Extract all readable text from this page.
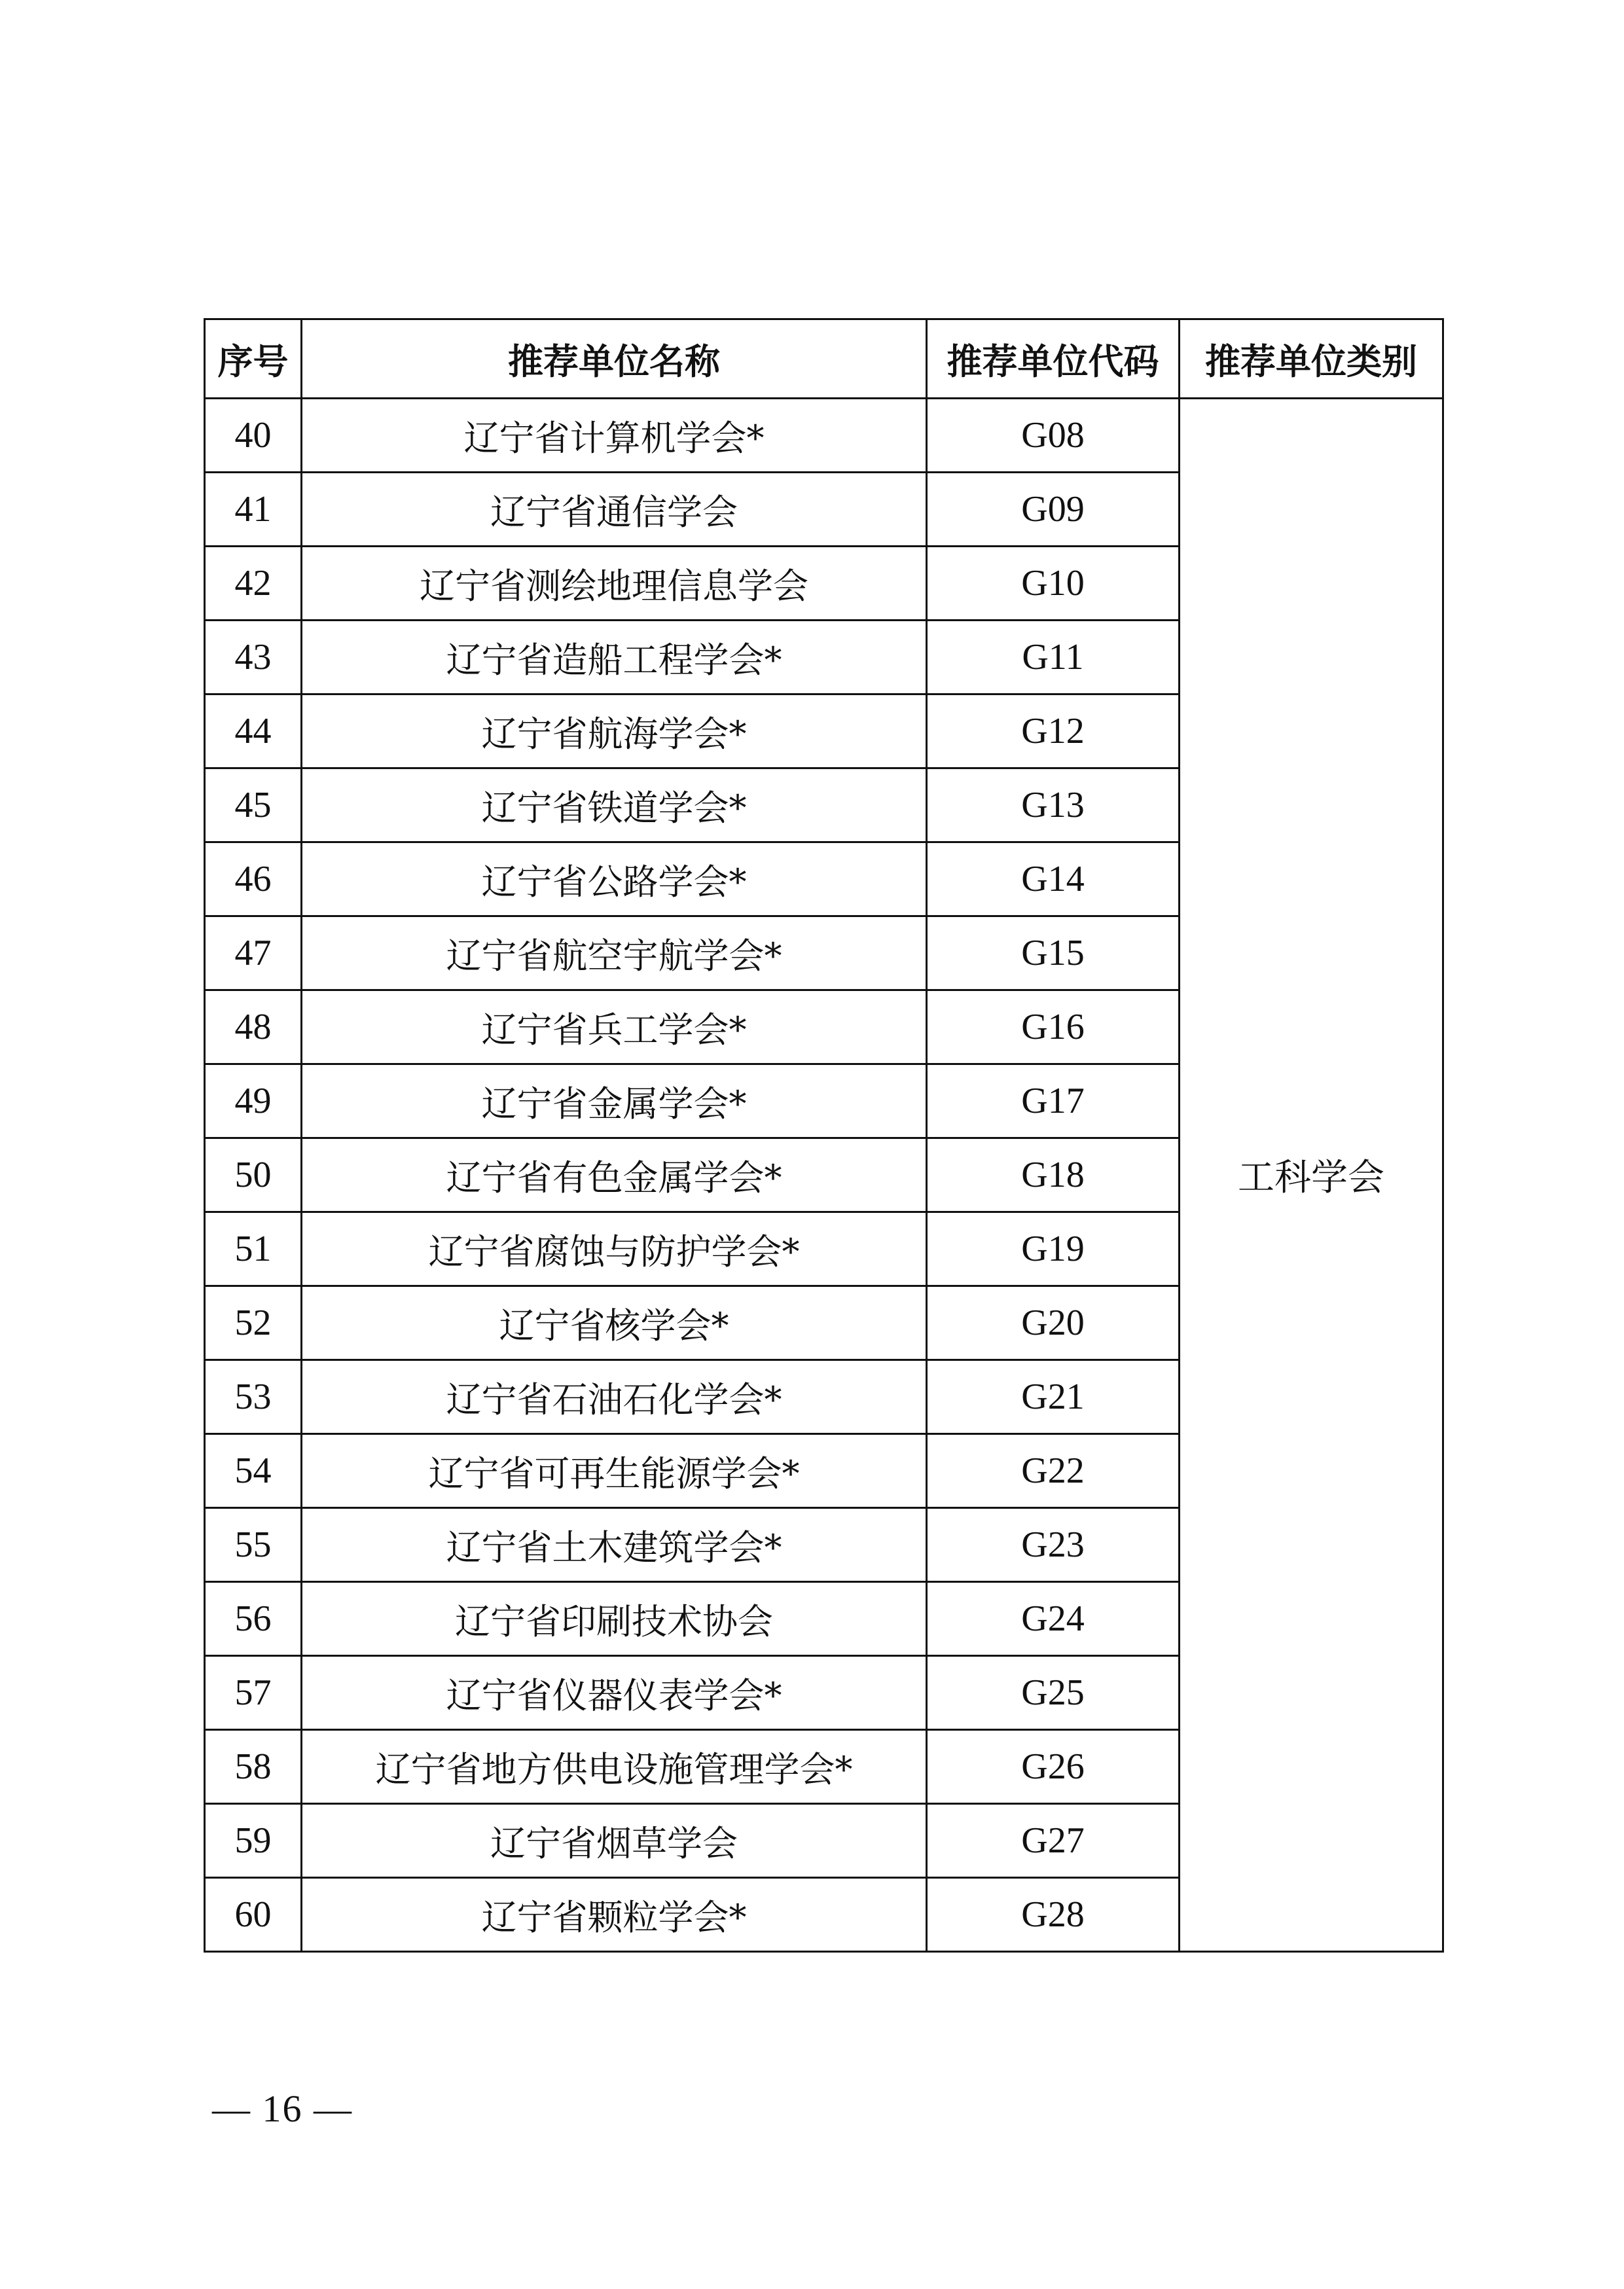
序号	推荐单位名称	推荐单位代码	推荐单位类别
40	辽宁省计算机学会*	G08	工科学会
41	辽宁省通信学会	G09	
42	辽宁省测绘地理信息学会	G10	
43	辽宁省造船工程学会*	G11	
44	辽宁省航海学会*	G12	
45	辽宁省铁道学会*	G13	
46	辽宁省公路学会*	G14	
47	辽宁省航空宇航学会*	G15	
48	辽宁省兵工学会*	G16	
49	辽宁省金属学会*	G17	
50	辽宁省有色金属学会*	G18	
51	辽宁省腐蚀与防护学会*	G19	
52	辽宁省核学会*	G20	
53	辽宁省石油石化学会*	G21	
54	辽宁省可再生能源学会*	G22	
55	辽宁省土木建筑学会*	G23	
56	辽宁省印刷技术协会	G24	
57	辽宁省仪器仪表学会*	G25	
58	辽宁省地方供电设施管理学会*	G26	
59	辽宁省烟草学会	G27	
60	辽宁省颗粒学会*	G28	
— 16 —
